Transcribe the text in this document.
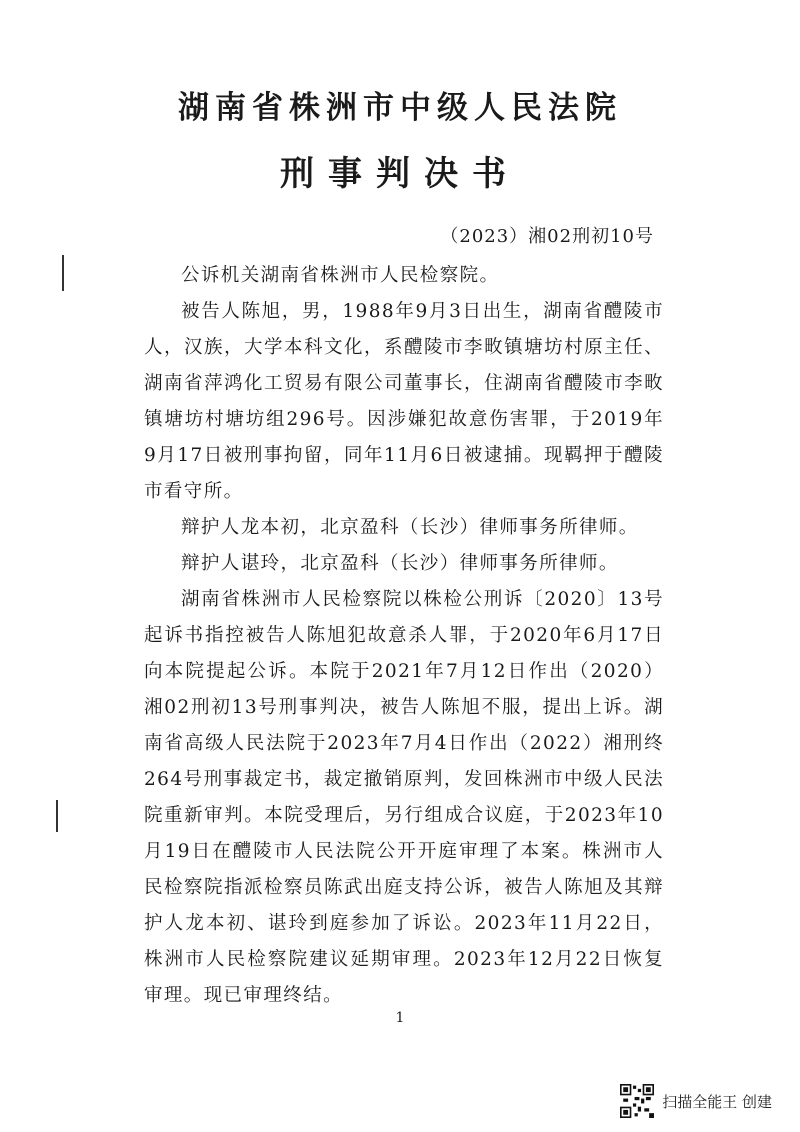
湖南省株洲市中级人民法院
刑事判决书
（2023）湘02刑初10号

公诉机关湖南省株洲市人民检察院。

被告人陈旭，男，1988年9月3日出生，湖南省醴陵市人，汉族，大学本科文化，系醴陵市李畋镇塘坊村原主任、湖南省萍鸿化工贸易有限公司董事长，住湖南省醴陵市李畋镇塘坊村塘坊组296号。因涉嫌犯故意伤害罪，于2019年9月17日被刑事拘留，同年11月6日被逮捕。现羁押于醴陵市看守所。

辩护人龙本初，北京盈科（长沙）律师事务所律师。

辩护人谌玲，北京盈科（长沙）律师事务所律师。

湖南省株洲市人民检察院以株检公刑诉〔2020〕13号起诉书指控被告人陈旭犯故意杀人罪，于2020年6月17日向本院提起公诉。本院于2021年7月12日作出（2020）湘02刑初13号刑事判决，被告人陈旭不服，提出上诉。湖南省高级人民法院于2023年7月4日作出（2022）湘刑终264号刑事裁定书，裁定撤销原判，发回株洲市中级人民法院重新审判。本院受理后，另行组成合议庭，于2023年10月19日在醴陵市人民法院公开开庭审理了本案。株洲市人民检察院指派检察员陈武出庭支持公诉，被告人陈旭及其辩护人龙本初、谌玲到庭参加了诉讼。2023年11月22日，株洲市人民检察院建议延期审理。2023年12月22日恢复审理。现已审理终结。

1
扫描全能王 创建
